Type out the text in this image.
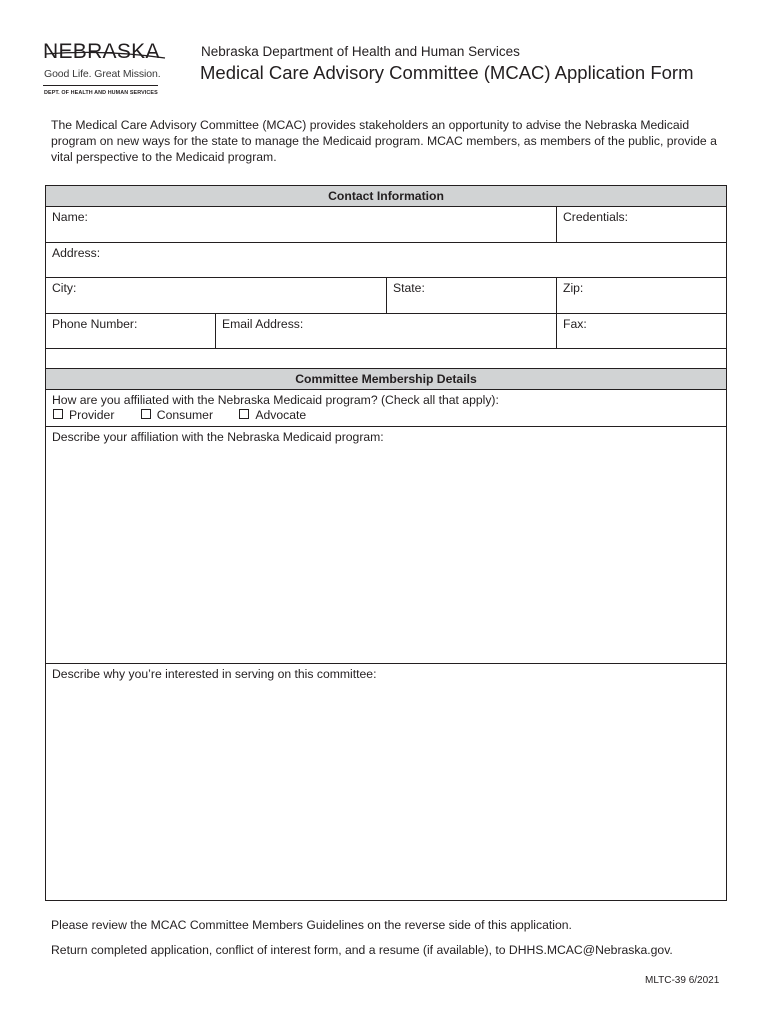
NEBRASKA
Good Life. Great Mission.
DEPT. OF HEALTH AND HUMAN SERVICES
Nebraska Department of Health and Human Services
Medical Care Advisory Committee (MCAC) Application Form
The Medical Care Advisory Committee (MCAC) provides stakeholders an opportunity to advise the Nebraska Medicaid program on new ways for the state to manage the Medicaid program. MCAC members, as members of the public, provide a vital perspective to the Medicaid program.
Contact Information			
Name:			Credentials:
Address:			
City:		State:	Zip:
Phone Number:	Email Address:		Fax:

Committee Membership Details			

How are you affiliated with the Nebraska Medicaid program? (Check all that apply):
Provider Consumer Advocate			

Describe your affiliation with the Nebraska Medicaid program:			
Describe why you’re interested in serving on this committee:			
Please review the MCAC Committee Members Guidelines on the reverse side of this application.
Return completed application, conflict of interest form, and a resume (if available), to DHHS.MCAC@Nebraska.gov.
MLTC-39 6/2021
